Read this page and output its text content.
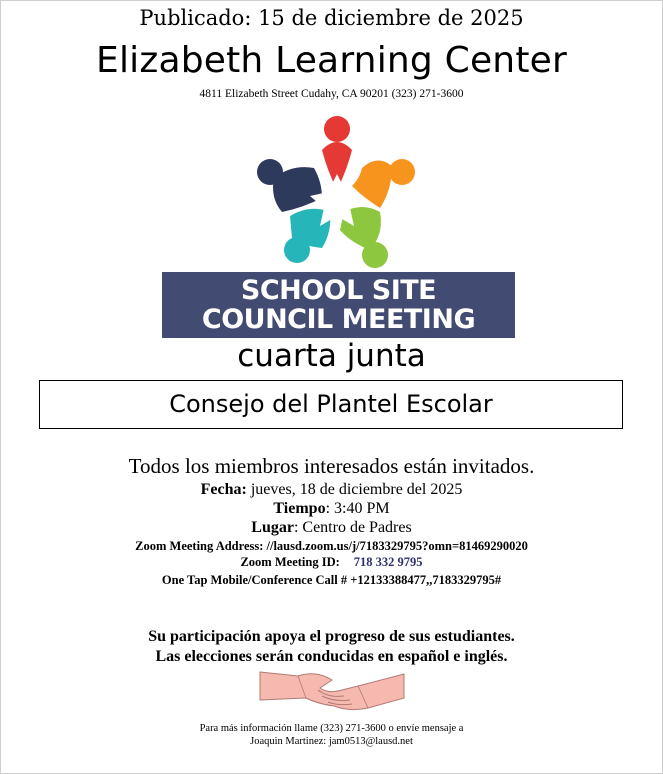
Publicado: 15 de diciembre de 2025
Elizabeth Learning Center
4811 Elizabeth Street Cudahy, CA 90201 (323) 271-3600
SCHOOL SITE
COUNCIL MEETING
cuarta junta
Consejo del Plantel Escolar
Todos los miembros interesados están invitados.
Fecha: jueves, 18 de diciembre del 2025
Tiempo: 3:40 PM
Lugar: Centro de Padres
Zoom Meeting Address: //lausd.zoom.us/j/7183329795?omn=81469290020
Zoom Meeting ID: 718 332 9795
One Tap Mobile/Conference Call # +12133388477,,7183329795#
Su participación apoya el progreso de sus estudiantes.
Las elecciones serán conducidas en español e inglés.
Para más información llame (323) 271-3600 o envíe mensaje a
Joaquin Martinez: jam0513@lausd.net
